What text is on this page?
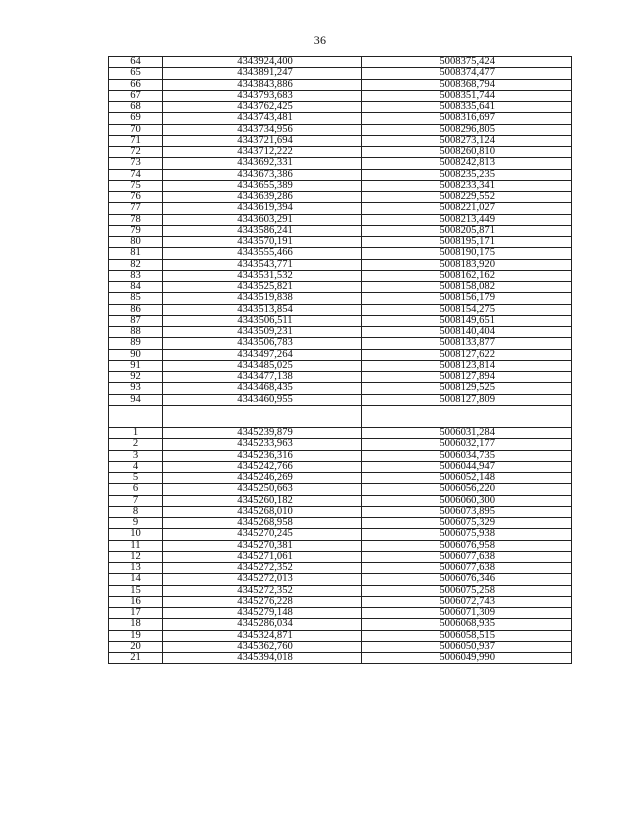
36
64	4343924,400	5008375,424
65	4343891,247	5008374,477
66	4343843,886	5008368,794
67	4343793,683	5008351,744
68	4343762,425	5008335,641
69	4343743,481	5008316,697
70	4343734,956	5008296,805
71	4343721,694	5008273,124
72	4343712,222	5008260,810
73	4343692,331	5008242,813
74	4343673,386	5008235,235
75	4343655,389	5008233,341
76	4343639,286	5008229,552
77	4343619,394	5008221,027
78	4343603,291	5008213,449
79	4343586,241	5008205,871
80	4343570,191	5008195,171
81	4343555,466	5008190,175
82	4343543,771	5008183,920
83	4343531,532	5008162,162
84	4343525,821	5008158,082
85	4343519,838	5008156,179
86	4343513,854	5008154,275
87	4343506,511	5008149,651
88	4343509,231	5008140,404
89	4343506,783	5008133,877
90	4343497,264	5008127,622
91	4343485,025	5008123,814
92	4343477,138	5008127,894
93	4343468,435	5008129,525
94	4343460,955	5008127,809

1	4345239,879	5006031,284
2	4345233,963	5006032,177
3	4345236,316	5006034,735
4	4345242,766	5006044,947
5	4345246,269	5006052,148
6	4345250,663	5006056,220
7	4345260,182	5006060,300
8	4345268,010	5006073,895
9	4345268,958	5006075,329
10	4345270,245	5006075,938
11	4345270,381	5006076,958
12	4345271,061	5006077,638
13	4345272,352	5006077,638
14	4345272,013	5006076,346
15	4345272,352	5006075,258
16	4345276,228	5006072,743
17	4345279,148	5006071,309
18	4345286,034	5006068,935
19	4345324,871	5006058,515
20	4345362,760	5006050,937
21	4345394,018	5006049,990
